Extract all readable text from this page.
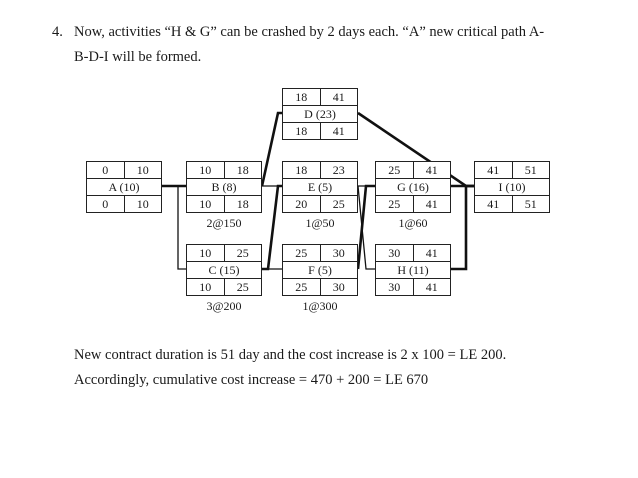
4. Now, activities “H & G” can be crashed by 2 days each. “A” new critical path A-
B-D-I will be formed.
0	10
A (10)
0	10
10	18
B (8)
10	18
2@150
10	25
C (15)
10	25
3@200
18	41
D (23)
18	41
18	23
E (5)
20	25
1@50
25	30
F (5)
25	30
1@300
25	41
G (16)
25	41
1@60
30	41
H (11)
30	41
41	51
I (10)
41	51
New contract duration is 51 day and the cost increase is 2 x 100 = LE 200.
Accordingly, cumulative cost increase = 470 + 200 = LE 670
